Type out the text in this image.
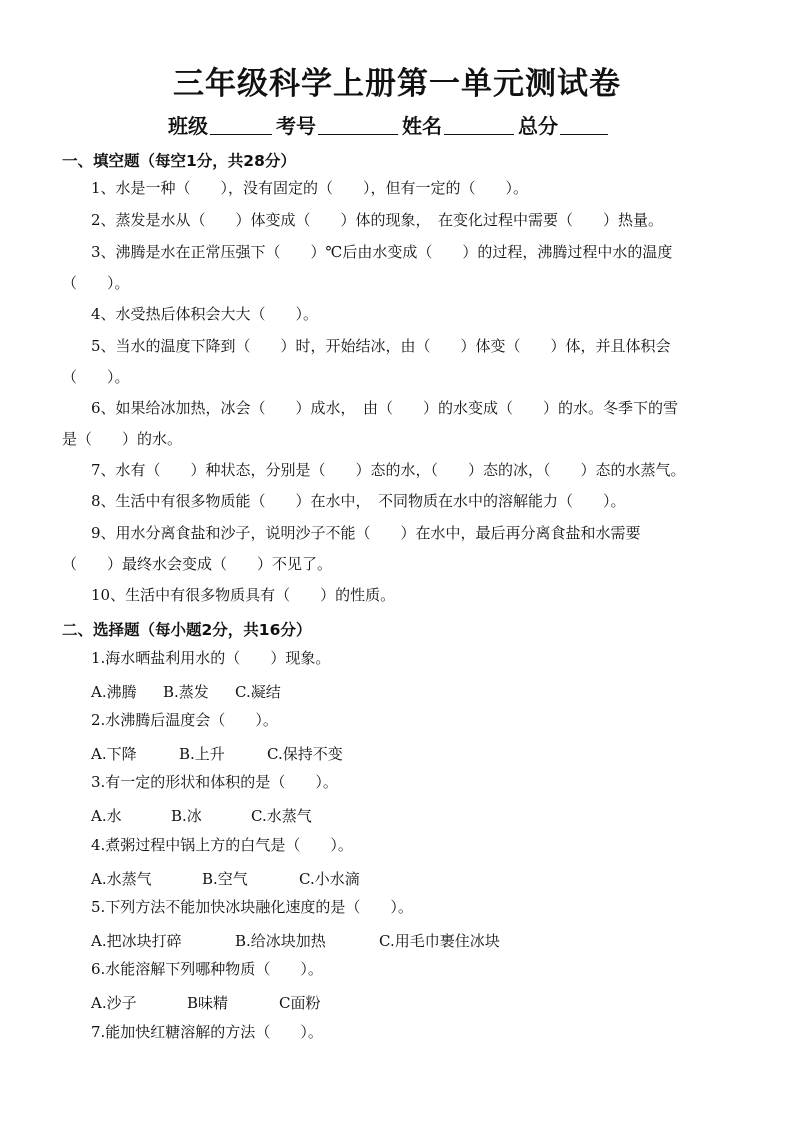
三年级科学上册第一单元测试卷
班级	考号	姓名	总分
一、填空题（每空1分，共28分）
1、水是一种（　　），没有固定的（　　），但有一定的（　　）。
2、蒸发是水从（　　）体变成（　　）体的现象，　在变化过程中需要（　　）热量。
3、沸腾是水在正常压强下（　　）℃后由水变成（　　）的过程，沸腾过程中水的温度
（　　）。
4、水受热后体积会大大（　　）。
5、当水的温度下降到（　　）时，开始结冰，由（　　）体变（　　）体，并且体积会
（　　）。
6、如果给冰加热，冰会（　　）成水，　由（　　）的水变成（　　）的水。冬季下的雪
是（　　）的水。
7、水有（　　）种状态，分别是（　　）态的水，（　　）态的冰，（　　）态的水蒸气。
8、生活中有很多物质能（　　）在水中，　不同物质在水中的溶解能力（　　）。
9、用水分离食盐和沙子，说明沙子不能（　　）在水中，最后再分离食盐和水需要
（　　）最终水会变成（　　）不见了。
10、生活中有很多物质具有（　　）的性质。
二、选择题（每小题2分，共16分）
1.海水晒盐利用水的（　　）现象。
A.沸腾 B.蒸发 C.凝结
2.水沸腾后温度会（　　）。
A.下降	B.上升	C.保持不变
3.有一定的形状和体积的是（　　）。
A.水	B.冰	C.水蒸气
4.煮粥过程中锅上方的白气是（　　）。
A.水蒸气	B.空气	C.小水滴
5.下列方法不能加快冰块融化速度的是（　　）。
A.把冰块打碎	B.给冰块加热	C.用毛巾裹住冰块
6.水能溶解下列哪种物质（　　）。
A.沙子	B味精	C面粉
7.能加快红糖溶解的方法（　　）。
